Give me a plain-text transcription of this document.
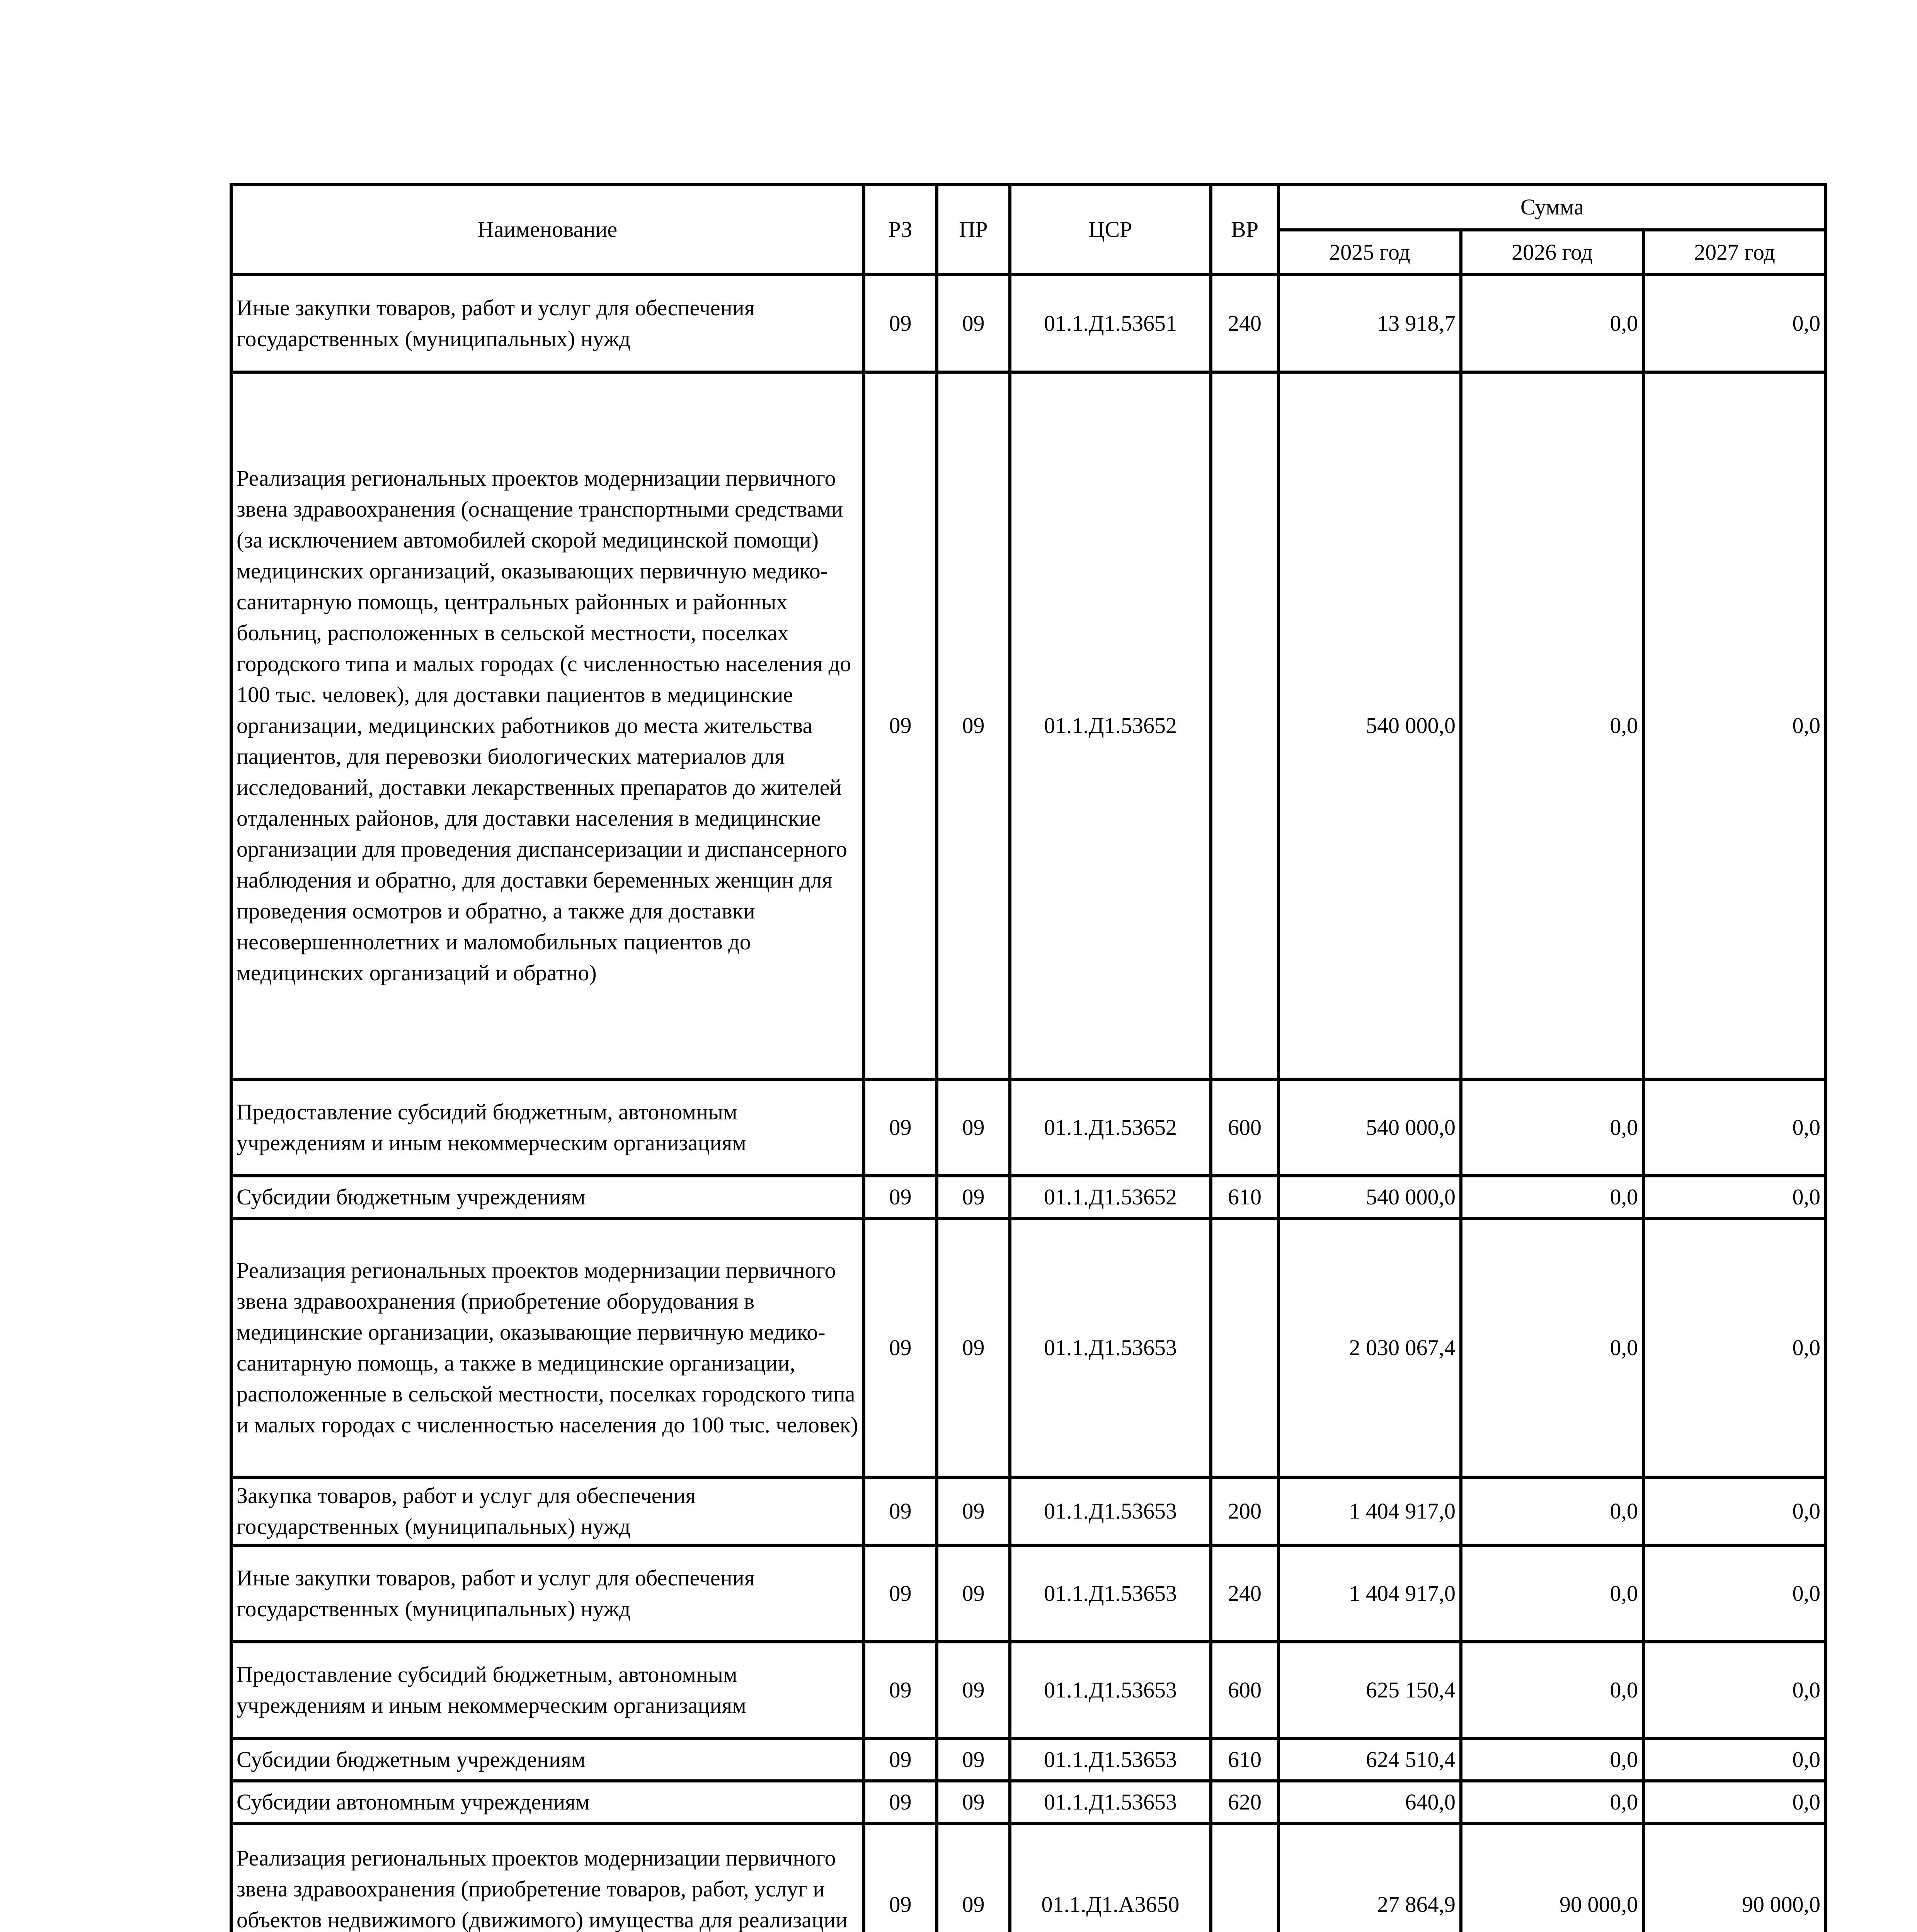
Наименование	РЗ	ПР	ЦСР	ВР	Сумма		
					2025 год	2026 год	2027 год
Иные закупки товаров, работ и услуг для обеспечения государственных (муниципальных) нужд	09	09	01.1.Д1.53651	240	13 918,7	0,0	0,0
Реализация региональных проектов модернизации первичного звена здравоохранения (оснащение транспортными средствами (за исключением автомобилей скорой медицинской помощи) медицинских организаций, оказывающих первичную медико-санитарную помощь, центральных районных и районных больниц, расположенных в сельской местности, поселках городского типа и малых городах (с численностью населения до 100 тыс. человек), для доставки пациентов в медицинские организации, медицинских работников до места жительства пациентов, для перевозки биологических материалов для исследований, доставки лекарственных препаратов до жителей отдаленных районов, для доставки населения в медицинские организации для проведения диспансеризации и диспансерного наблюдения и обратно, для доставки беременных женщин для проведения осмотров и обратно, а также для доставки несовершеннолетних и маломобильных пациентов до медицинских организаций и обратно)	09	09	01.1.Д1.53652		540 000,0	0,0	0,0
Предоставление субсидий бюджетным, автономным учреждениям и иным некоммерческим организациям	09	09	01.1.Д1.53652	600	540 000,0	0,0	0,0
Субсидии бюджетным учреждениям	09	09	01.1.Д1.53652	610	540 000,0	0,0	0,0
Реализация региональных проектов модернизации первичного звена здравоохранения (приобретение оборудования в медицинские организации, оказывающие первичную медико-санитарную помощь, а также в медицинские организации, расположенные в сельской местности, поселках городского типа и малых городах с численностью населения до 100 тыс. человек)	09	09	01.1.Д1.53653		2 030 067,4	0,0	0,0
Закупка товаров, работ и услуг для обеспечения государственных (муниципальных) нужд	09	09	01.1.Д1.53653	200	1 404 917,0	0,0	0,0
Иные закупки товаров, работ и услуг для обеспечения государственных (муниципальных) нужд	09	09	01.1.Д1.53653	240	1 404 917,0	0,0	0,0
Предоставление субсидий бюджетным, автономным учреждениям и иным некоммерческим организациям	09	09	01.1.Д1.53653	600	625 150,4	0,0	0,0
Субсидии бюджетным учреждениям	09	09	01.1.Д1.53653	610	624 510,4	0,0	0,0
Субсидии автономным учреждениям	09	09	01.1.Д1.53653	620	640,0	0,0	0,0
Реализация региональных проектов модернизации первичного звена здравоохранения (приобретение товаров, работ, услуг и объектов недвижимого (движимого) имущества для реализации	09	09	01.1.Д1.А3650		27 864,9	90 000,0	90 000,0
